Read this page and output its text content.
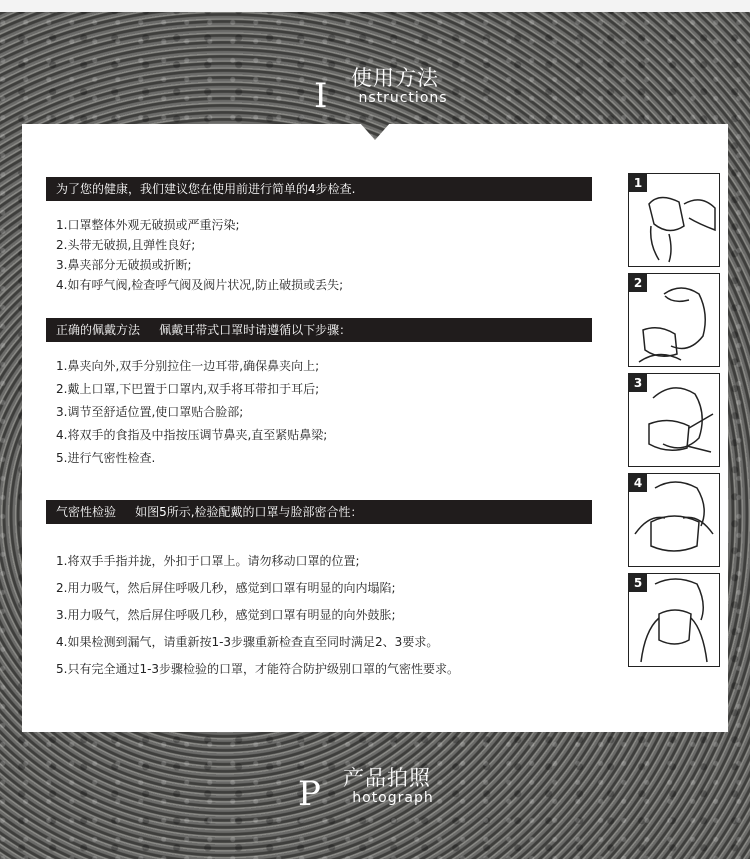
I	使用方法
nstructions
为了您的健康，我们建议您在使用前进行简单的4步检查.
1.口罩整体外观无破损或严重污染;
2.头带无破损,且弹性良好;
3.鼻夹部分无破损或折断;
4.如有呼气阀,检查呼气阀及阀片状况,防止破损或丢失;
正确的佩戴方法     佩戴耳带式口罩时请遵循以下步骤：
1.鼻夹向外,双手分别拉住一边耳带,确保鼻夹向上;
2.戴上口罩,下巴置于口罩内,双手将耳带扣于耳后;
3.调节至舒适位置,使口罩贴合脸部;
4.将双手的食指及中指按压调节鼻夹,直至紧贴鼻梁;
5.进行气密性检查.
气密性检验     如图5所示,检验配戴的口罩与脸部密合性：
1.将双手手指并拢，外扣于口罩上。请勿移动口罩的位置;
2.用力吸气，然后屏住呼吸几秒，感觉到口罩有明显的向内塌陷;
3.用力吸气，然后屏住呼吸几秒，感觉到口罩有明显的向外鼓胀;
4.如果检测到漏气，请重新按1-3步骤重新检查直至同时满足2、3要求。
5.只有完全通过1-3步骤检验的口罩，才能符合防护级别口罩的气密性要求。
1
2
3
4
5
P	产品拍照
hotograph
